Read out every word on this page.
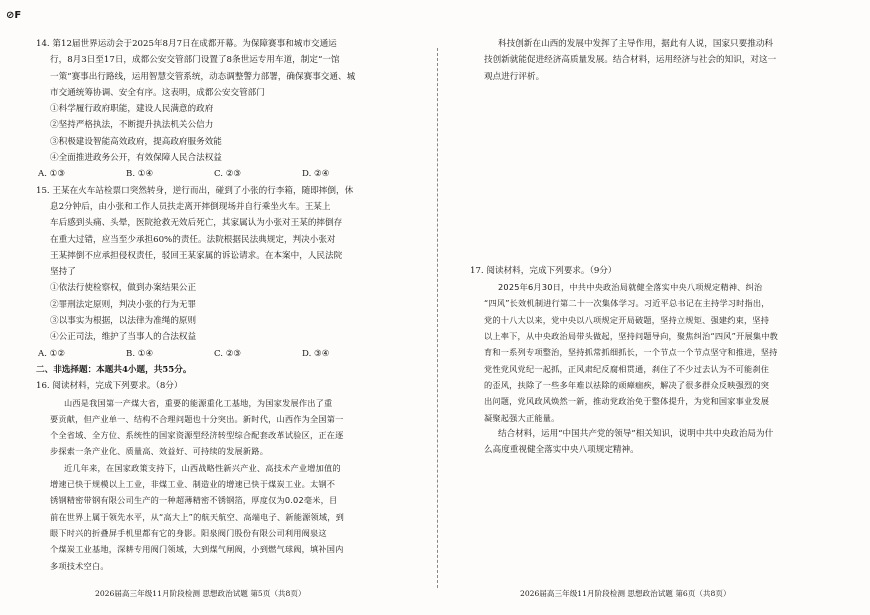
⊘F
14. 第12届世界运动会于2025年8月7日在成都开幕。为保障赛事和城市交通运
行，8月3日至17日，成都公安交管部门设置了8条世运专用车道，制定“一馆
一策”赛事出行路线，运用智慧交管系统，动态调整警力部署，确保赛事交通、城
市交通统筹协调、安全有序。这表明，成都公安交管部门
①科学履行政府职能，建设人民满意的政府
②坚持严格执法，不断提升执法机关公信力
③积极建设智能高效政府，提高政府服务效能
④全面推进政务公开，有效保障人民合法权益
A. ①③	B. ①④	C. ②③	D. ②④
15. 王某在火车站检票口突然转身，逆行而出，碰到了小张的行李箱，随即摔倒，休
息2分钟后，由小张和工作人员扶走离开摔倒现场并自行乘坐火车。王某上
车后感到头痛、头晕，医院抢救无效后死亡，其家属认为小张对王某的摔倒存
在重大过错，应当至少承担60%的责任。法院根据民法典规定，判决小张对
王某摔倒不应承担侵权责任，驳回王某家属的诉讼请求。在本案中，人民法院
坚持了
①依法行使检察权，做到办案结果公正
②罪刑法定原则，判决小张的行为无罪
③以事实为根据，以法律为准绳的原则
④公正司法，维护了当事人的合法权益
A. ①②	B. ①④	C. ②③	D. ③④
二、非选择题：本题共4小题，共55分。
16. 阅读材料，完成下列要求。（8分）
山西是我国第一产煤大省，重要的能源重化工基地，为国家发展作出了重
要贡献，但产业单一、结构不合理问题也十分突出。新时代，山西作为全国第一
个全省域、全方位、系统性的国家资源型经济转型综合配套改革试验区，正在逐
步探索一条产业化、质量高、效益好、可持续的发展新路。
近几年来，在国家政策支持下，山西战略性新兴产业、高技术产业增加值的
增速已快于规模以上工业，非煤工业、制造业的增速已快于煤炭工业。太钢不
锈钢精密带钢有限公司生产的一种超薄精密不锈钢箔，厚度仅为0.02毫米，目
前在世界上属于领先水平，从“高大上”的航天航空、高端电子、新能源领域，到
眼下时兴的折叠屏手机里都有它的身影。阳泉阀门股份有限公司利用阀泉这
个煤炭工业基地，深耕专用阀门领域，大到煤气闸阀，小到燃气球阀，填补国内
多项技术空白。
科技创新在山西的发展中发挥了主导作用，据此有人说，国家只要推动科
技创新就能促进经济高质量发展。结合材料，运用经济与社会的知识，对这一
观点进行评析。
17. 阅读材料，完成下列要求。（9分）
2025年6月30日，中共中央政治局就健全落实中央八项规定精神、纠治
“四风”长效机制进行第二十一次集体学习。习近平总书记在主持学习时指出，
党的十八大以来，党中央以八项规定开局破题，坚持立规矩、强建约束，坚持
以上率下，从中央政治局带头做起，坚持问题导向，聚焦纠治“四风”开展集中教
育和一系列专项整治，坚持抓常抓细抓长，一个节点一个节点坚守和推进，坚持
党性党风党纪一起抓，正风肃纪反腐相贯通，刹住了不少过去认为不可能刹住
的歪风，扶除了一些多年难以祛除的顽瘴痼疾，解决了很多群众反映强烈的突
出问题，党风政风焕然一新，推动党政治免于整体提升，为党和国家事业发展
凝聚起强大正能量。
结合材料，运用“中国共产党的领导”相关知识，说明中共中央政治局为什
么高度重视健全落实中央八项规定精神。
2026届高三年级11月阶段检测 思想政治试题 第5页（共8页）	2026届高三年级11月阶段检测 思想政治试题 第6页（共8页）
